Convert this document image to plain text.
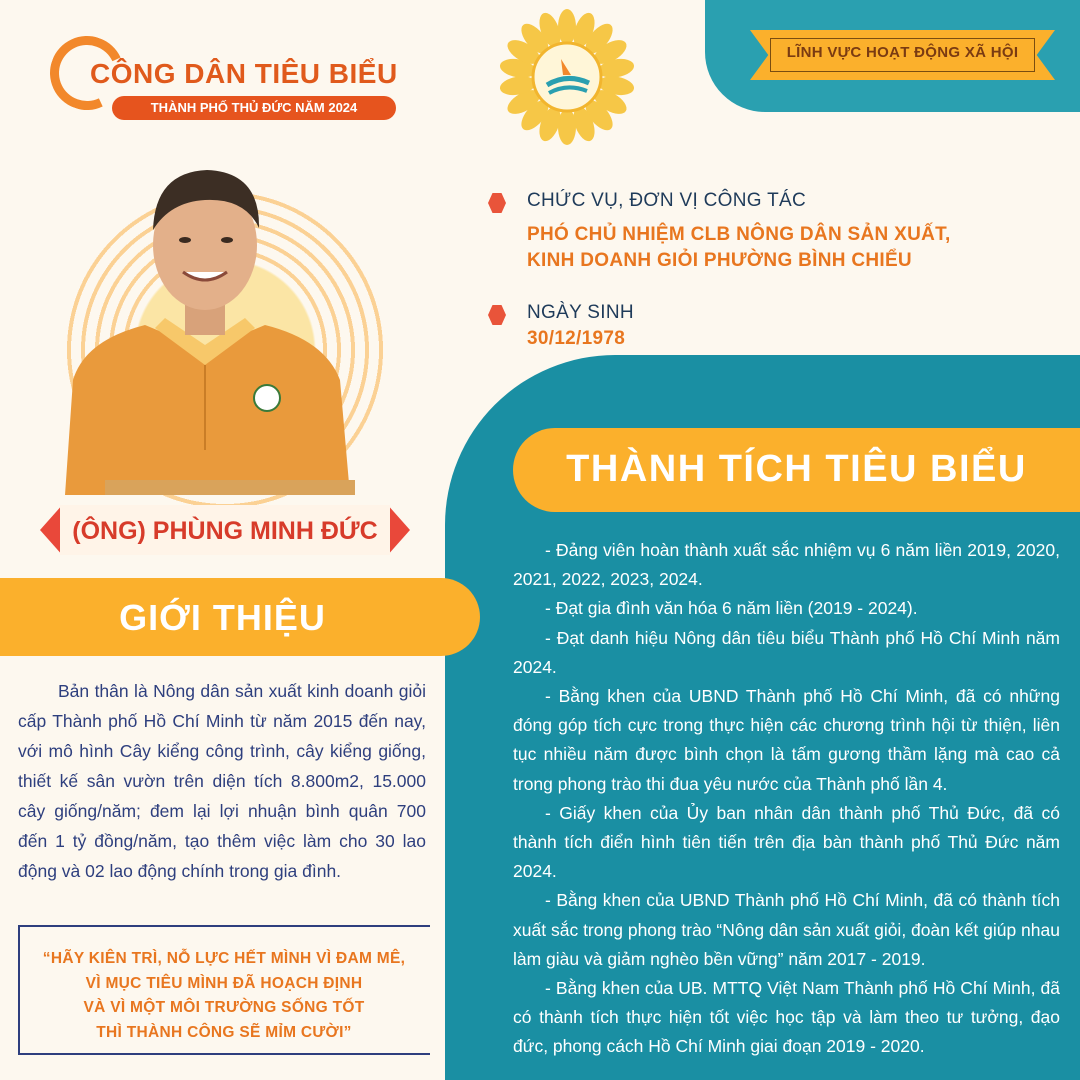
CÔNG DÂN TIÊU BIỂU
THÀNH PHỐ THỦ ĐỨC NĂM 2024
LĨNH VỰC HOẠT ĐỘNG XÃ HỘI
(ÔNG) PHÙNG MINH ĐỨC
CHỨC VỤ, ĐƠN VỊ CÔNG TÁC
PHÓ CHỦ NHIỆM CLB NÔNG DÂN SẢN XUẤT,
KINH DOANH GIỎI PHƯỜNG BÌNH CHIỂU
NGÀY SINH
30/12/1978
GIỚI THIỆU
Bản thân là Nông dân sản xuất kinh doanh giỏi cấp Thành phố Hồ Chí Minh từ năm 2015 đến nay, với mô hình Cây kiểng công trình, cây kiểng giống, thiết kế sân vườn trên diện tích 8.800m2, 15.000 cây giống/năm; đem lại lợi nhuận bình quân 700 đến 1 tỷ đồng/năm, tạo thêm việc làm cho 30 lao động và 02 lao động chính trong gia đình.
“HÃY KIÊN TRÌ, NỖ LỰC HẾT MÌNH VÌ ĐAM MÊ,
VÌ MỤC TIÊU MÌNH ĐÃ HOẠCH ĐỊNH
VÀ VÌ MỘT MÔI TRƯỜNG SỐNG TỐT
THÌ THÀNH CÔNG SẼ MỈM CƯỜI”
THÀNH TÍCH TIÊU BIỂU

- Đảng viên hoàn thành xuất sắc nhiệm vụ 6 năm liền 2019, 2020, 2021, 2022, 2023, 2024.

- Đạt gia đình văn hóa 6 năm liền (2019 - 2024).

- Đạt danh hiệu Nông dân tiêu biểu Thành phố Hồ Chí Minh năm 2024.

- Bằng khen của UBND Thành phố Hồ Chí Minh, đã có những đóng góp tích cực trong thực hiện các chương trình hội từ thiện, liên tục nhiều năm được bình chọn là tấm gương thầm lặng mà cao cả trong phong trào thi đua yêu nước của Thành phố lần 4.

- Giấy khen của Ủy ban nhân dân thành phố Thủ Đức, đã có thành tích điển hình tiên tiến trên địa bàn thành phố Thủ Đức năm 2024.

- Bằng khen của UBND Thành phố Hồ Chí Minh, đã có thành tích xuất sắc trong phong trào “Nông dân sản xuất giỏi, đoàn kết giúp nhau làm giàu và giảm nghèo bền vững” năm 2017 - 2019.

- Bằng khen của UB. MTTQ Việt Nam Thành phố Hồ Chí Minh, đã có thành tích thực hiện tốt việc học tập và làm theo tư tưởng, đạo đức, phong cách Hồ Chí Minh giai đoạn 2019 - 2020.
